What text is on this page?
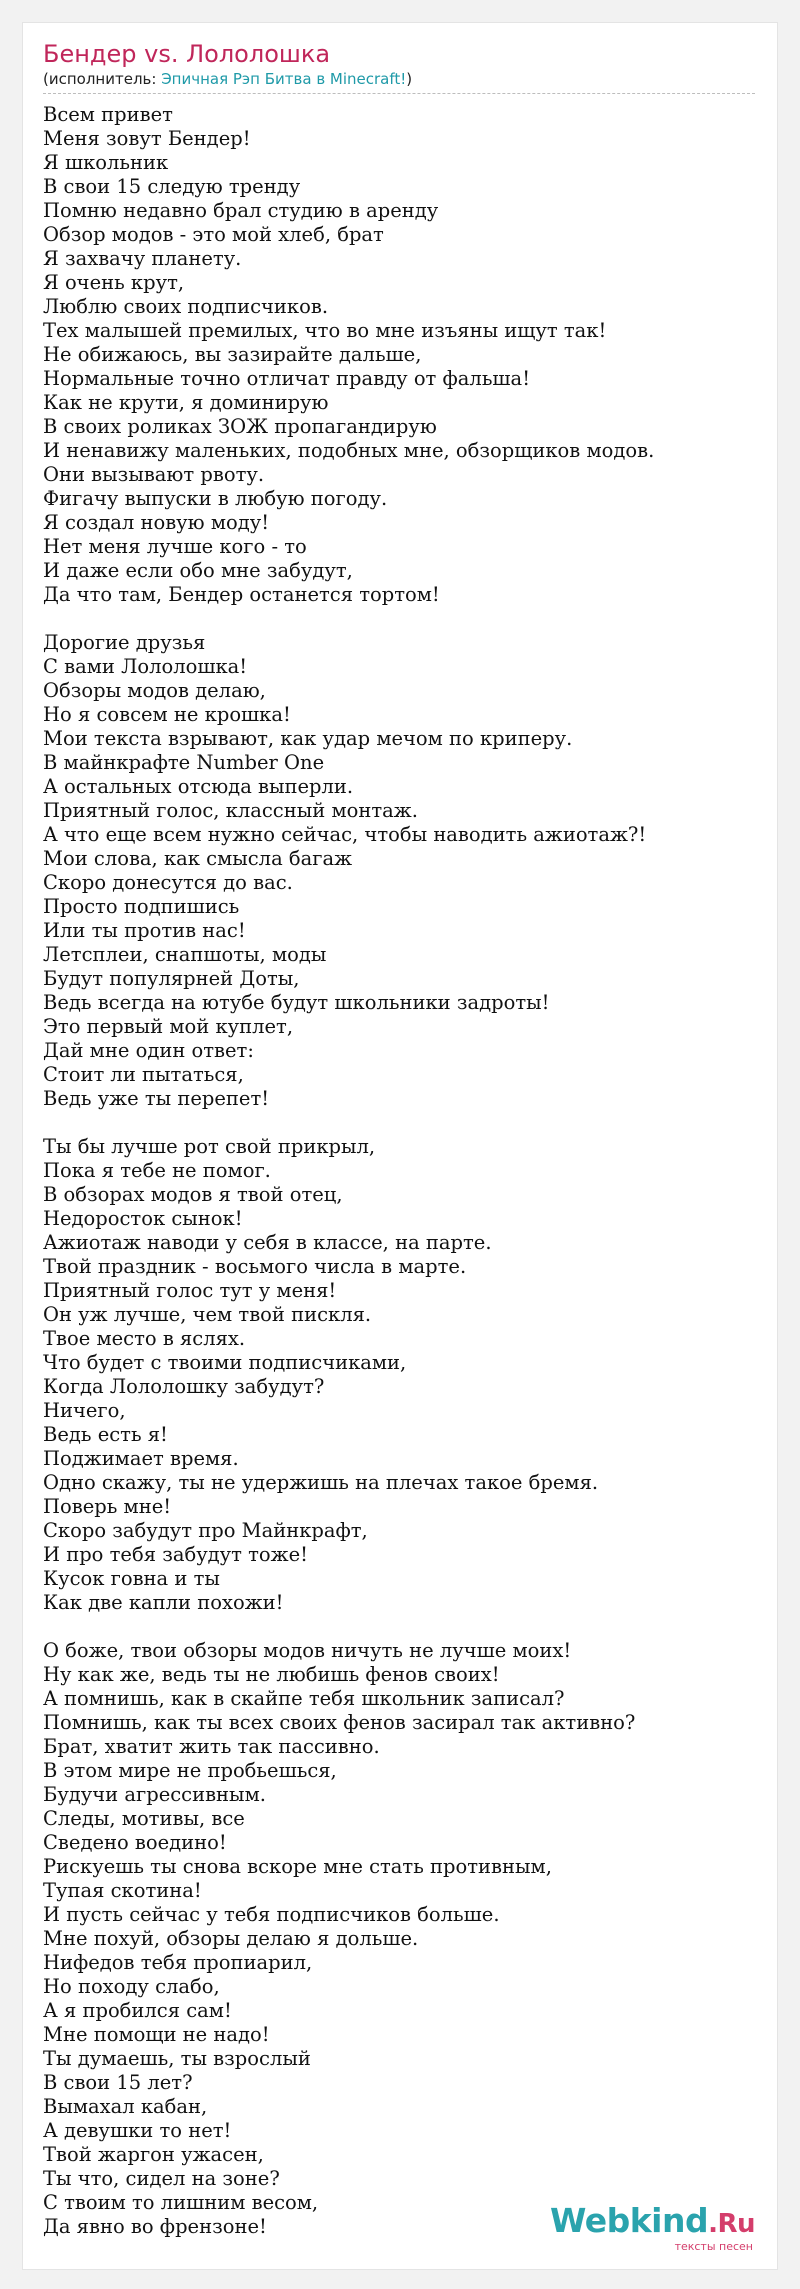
Бендер vs. Лололошка
(исполнитель: Эпичная Рэп Битва в Minecraft!)
Всем привет
Меня зовут Бендер!
Я школьник
В свои 15 следую тренду
Помню недавно брал студию в аренду
Обзор модов - это мой хлеб, брат
Я захвачу планету.
Я очень крут,
Люблю своих подписчиков.
Тех малышей премилых, что во мне изъяны ищут так!
Не обижаюсь, вы зазирайте дальше,
Нормальные точно отличат правду от фальша!
Как не крути, я доминирую
В своих роликах ЗОЖ пропагандирую
И ненавижу маленьких, подобных мне, обзорщиков модов.
Они вызывают рвоту.
Фигачу выпуски в любую погоду.
Я создал новую моду!
Нет меня лучше кого - то
И даже если обо мне забудут,
Да что там, Бендер останется тортом!
Дорогие друзья
С вами Лололошка!
Обзоры модов делаю,
Но я совсем не крошка!
Мои текста взрывают, как удар мечом по криперу.
В майнкрафте Number One
А остальных отсюда выперли.
Приятный голос, классный монтаж.
А что еще всем нужно сейчас, чтобы наводить ажиотаж?!
Мои слова, как смысла багаж
Скоро донесутся до вас.
Просто подпишись
Или ты против нас!
Летсплеи, снапшоты, моды
Будут популярней Доты,
Ведь всегда на ютубе будут школьники задроты!
Это первый мой куплет,
Дай мне один ответ:
Стоит ли пытаться,
Ведь уже ты перепет!
Ты бы лучше рот свой прикрыл,
Пока я тебе не помог.
В обзорах модов я твой отец,
Недоросток сынок!
Ажиотаж наводи у себя в классе, на парте.
Твой праздник - восьмого числа в марте.
Приятный голос тут у меня!
Он уж лучше, чем твой пискля.
Твое место в яслях.
Что будет с твоими подписчиками,
Когда Лололошку забудут?
Ничего,
Ведь есть я!
Поджимает время.
Одно скажу, ты не удержишь на плечах такое бремя.
Поверь мне!
Скоро забудут про Майнкрафт,
И про тебя забудут тоже!
Кусок говна и ты
Как две капли похожи!
О боже, твои обзоры модов ничуть не лучше моих!
Ну как же, ведь ты не любишь фенов своих!
А помнишь, как в скайпе тебя школьник записал?
Помнишь, как ты всех своих фенов засирал так активно?
Брат, хватит жить так пассивно.
В этом мире не пробьешься,
Будучи агрессивным.
Следы, мотивы, все
Сведено воедино!
Рискуешь ты снова вскоре мне стать противным,
Тупая скотина!
И пусть сейчас у тебя подписчиков больше.
Мне похуй, обзоры делаю я дольше.
Нифедов тебя пропиарил,
Но походу слабо,
А я пробился сам!
Мне помощи не надо!
Ты думаешь, ты взрослый
В свои 15 лет?
Вымахал кабан,
А девушки то нет!
Твой жаргон ужасен,
Ты что, сидел на зоне?
С твоим то лишним весом,
Да явно во френзоне!	Webkind.Ru
тексты песен
